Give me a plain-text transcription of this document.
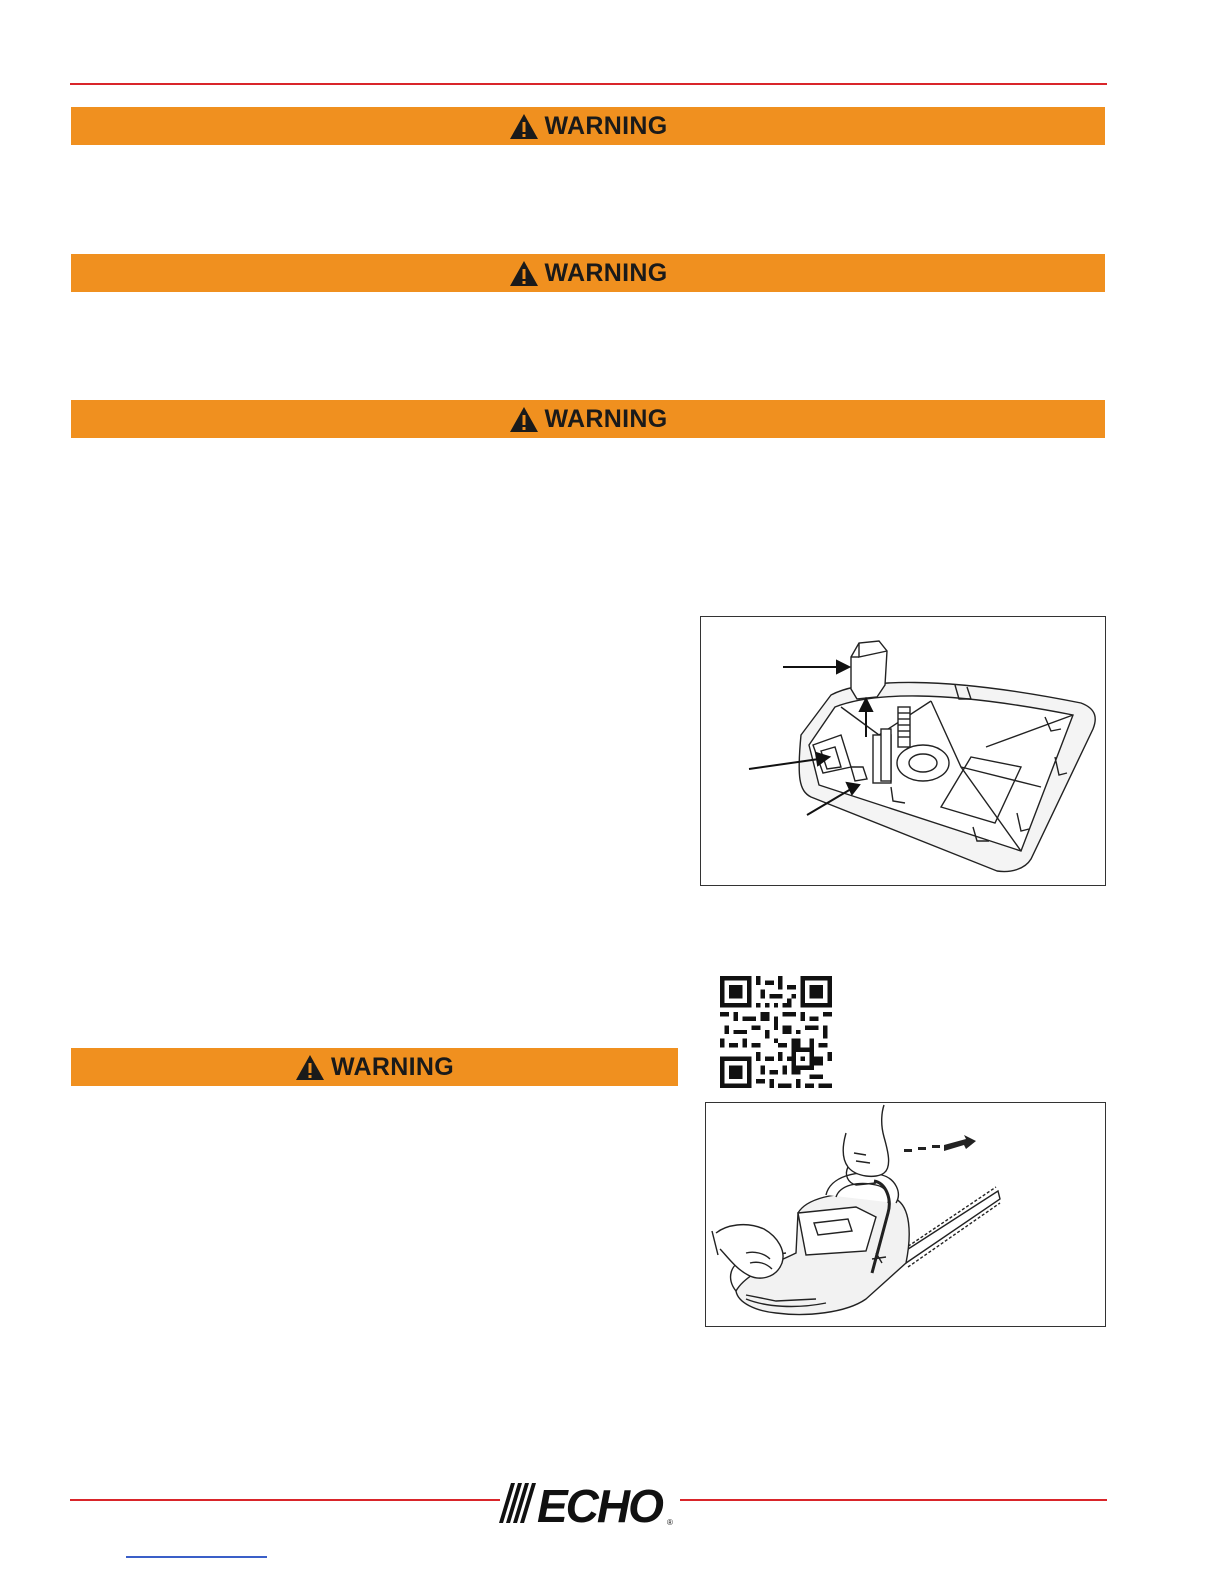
WARNING
WARNING
WARNING
WARNING
ECHO ®
